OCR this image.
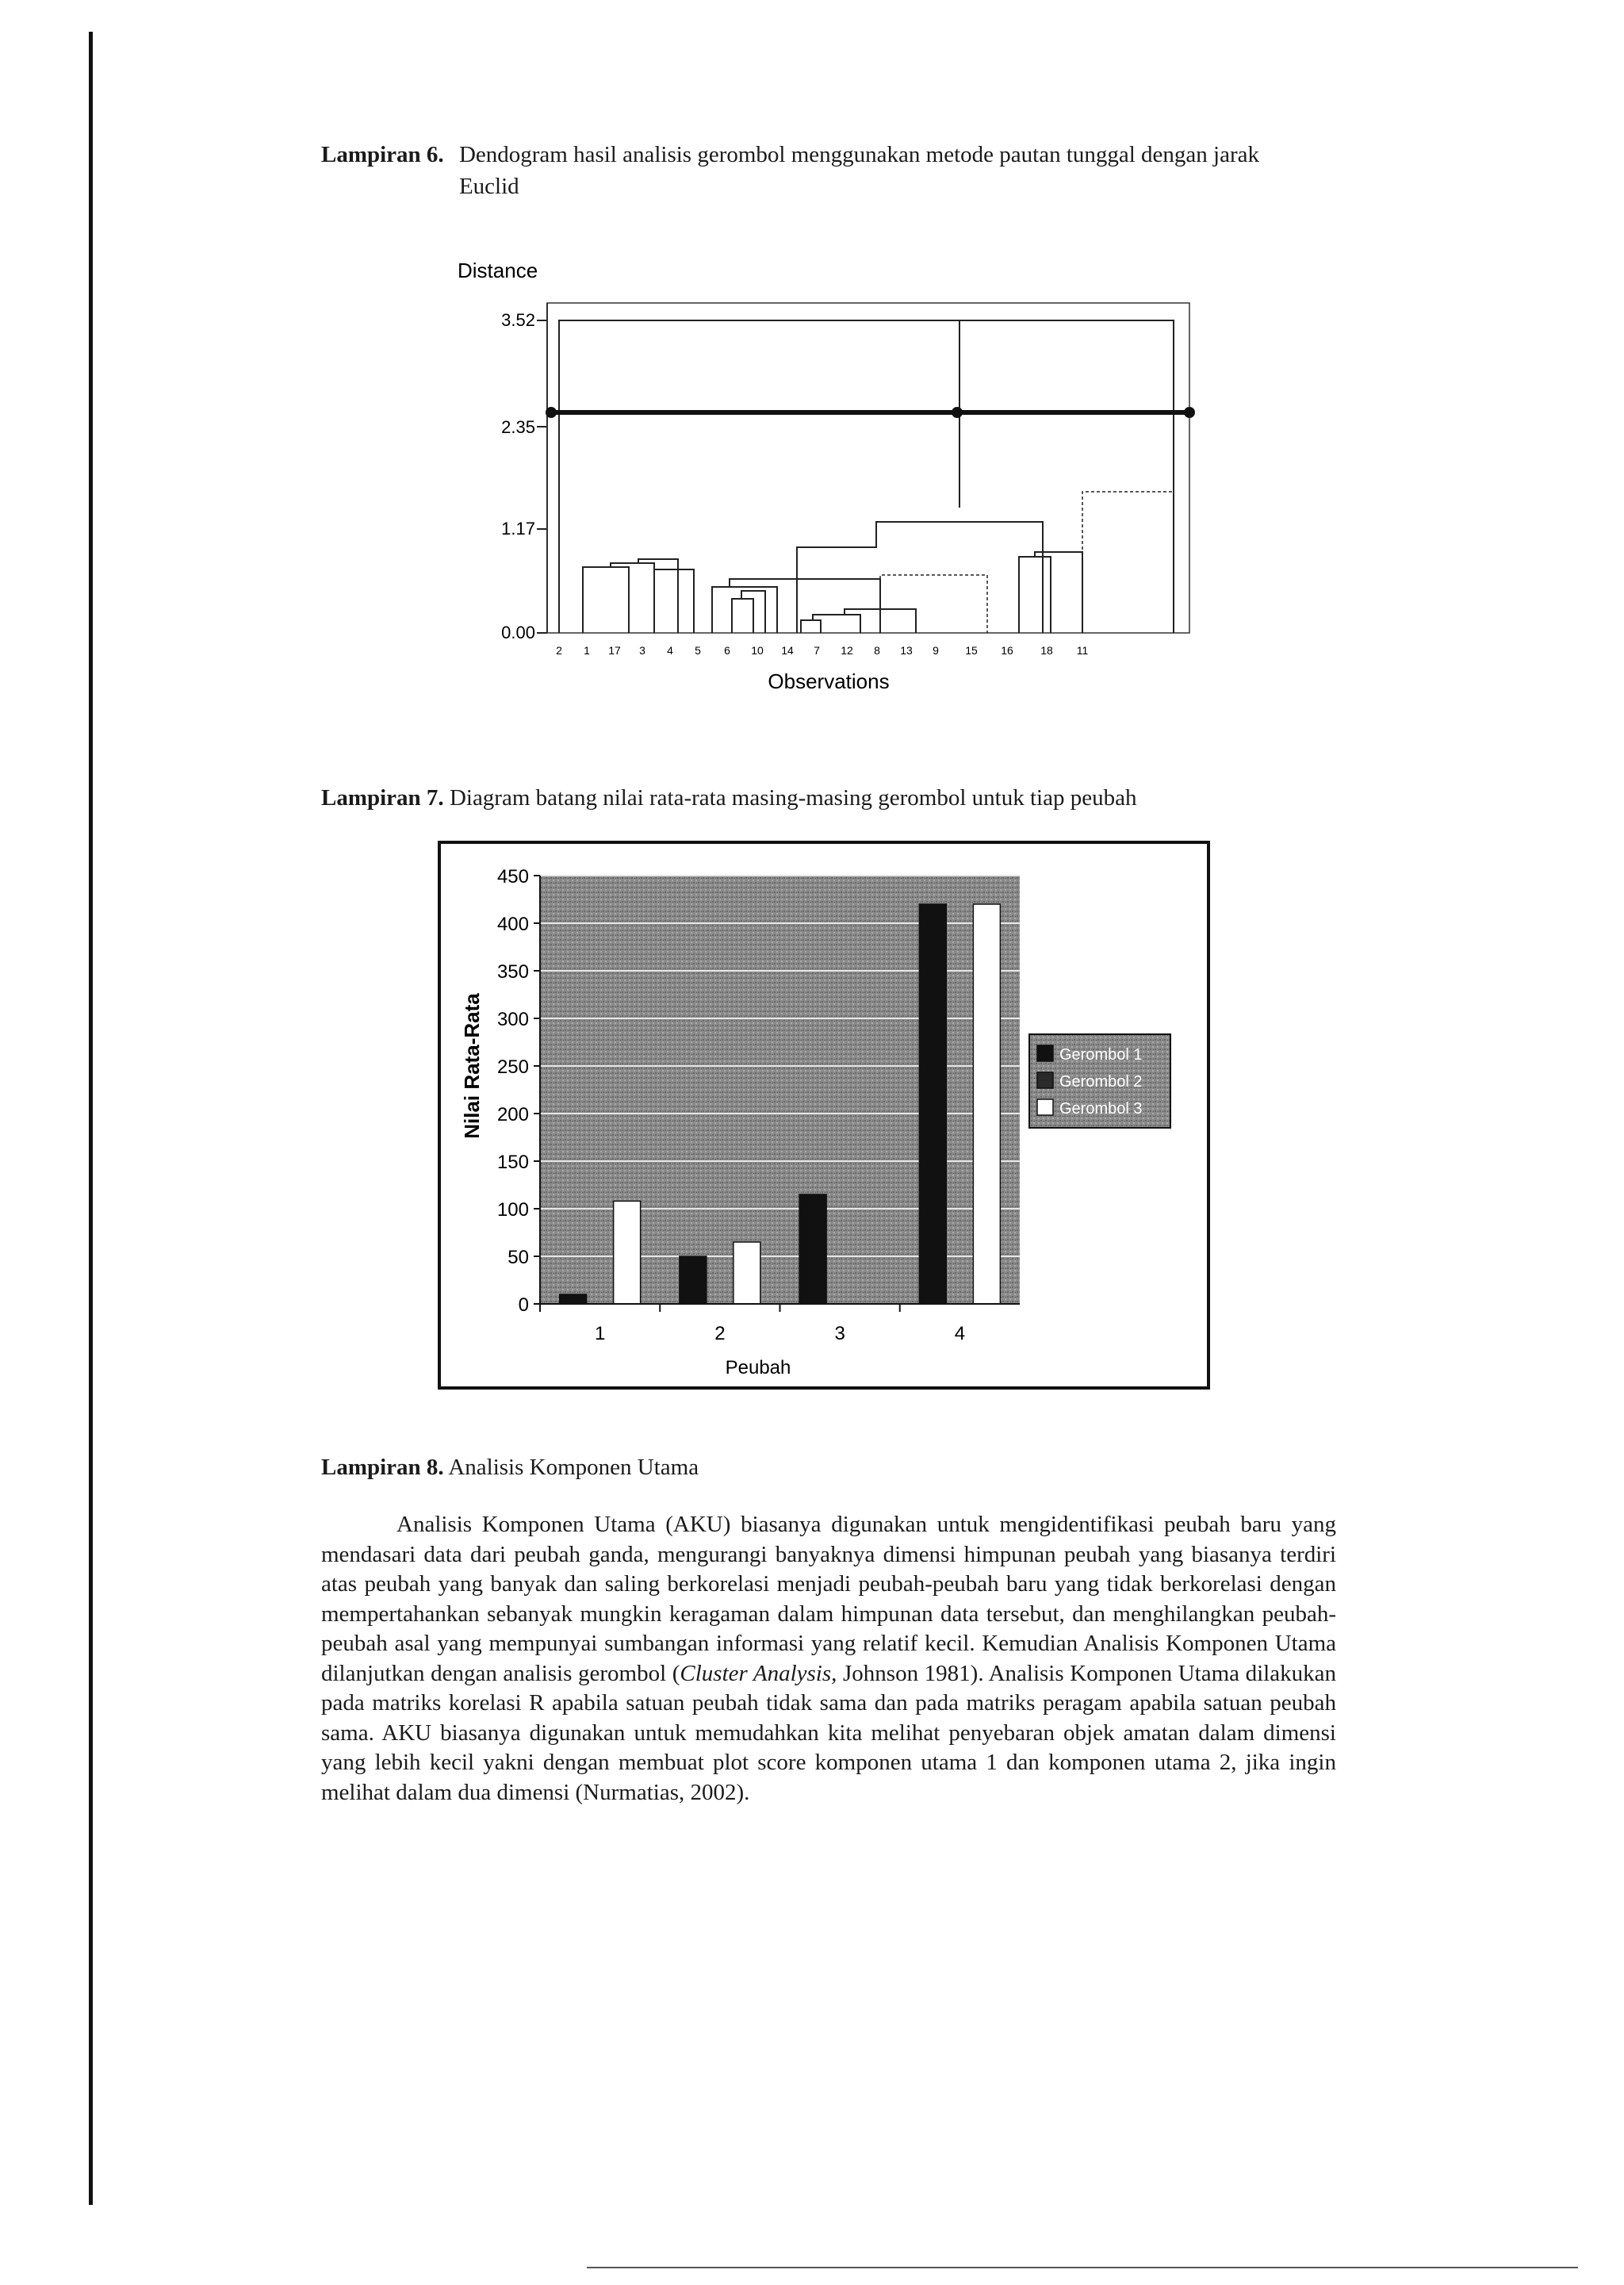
Lampiran 6. Dendogram hasil analisis gerombol menggunakan metode pautan tunggal dengan jarak Euclid
Distance
3.52
2.35
1.17
0.00
2 1 17 3 4 5 6 10 14 7 12 8 13 9 15 16 18 11
Observations
Lampiran 7. Diagram batang nilai rata-rata masing-masing gerombol untuk tiap peubah
0
50
100
150
200
250
300
350
400
450
1	2	3	4
Nilai Rata-Rata
Peubah
Gerombol 1
Gerombol 2
Gerombol 3
Lampiran 8. Analisis Komponen Utama
Analisis Komponen Utama (AKU) biasanya digunakan untuk mengidentifikasi peubah baru yang mendasari data dari peubah ganda, mengurangi banyaknya dimensi himpunan peubah yang biasanya terdiri atas peubah yang banyak dan saling berkorelasi menjadi peubah-peubah baru yang tidak berkorelasi dengan mempertahankan sebanyak mungkin keragaman dalam himpunan data tersebut, dan menghilangkan peubah-peubah asal yang mempunyai sumbangan informasi yang relatif kecil. Kemudian Analisis Komponen Utama dilanjutkan dengan analisis gerombol (Cluster Analysis, Johnson 1981). Analisis Komponen Utama dilakukan pada matriks korelasi R apabila satuan peubah tidak sama dan pada matriks peragam apabila satuan peubah sama. AKU biasanya digunakan untuk memudahkan kita melihat penyebaran objek amatan dalam dimensi yang lebih kecil yakni dengan membuat plot score komponen utama 1 dan komponen utama 2, jika ingin melihat dalam dua dimensi (Nurmatias, 2002).
